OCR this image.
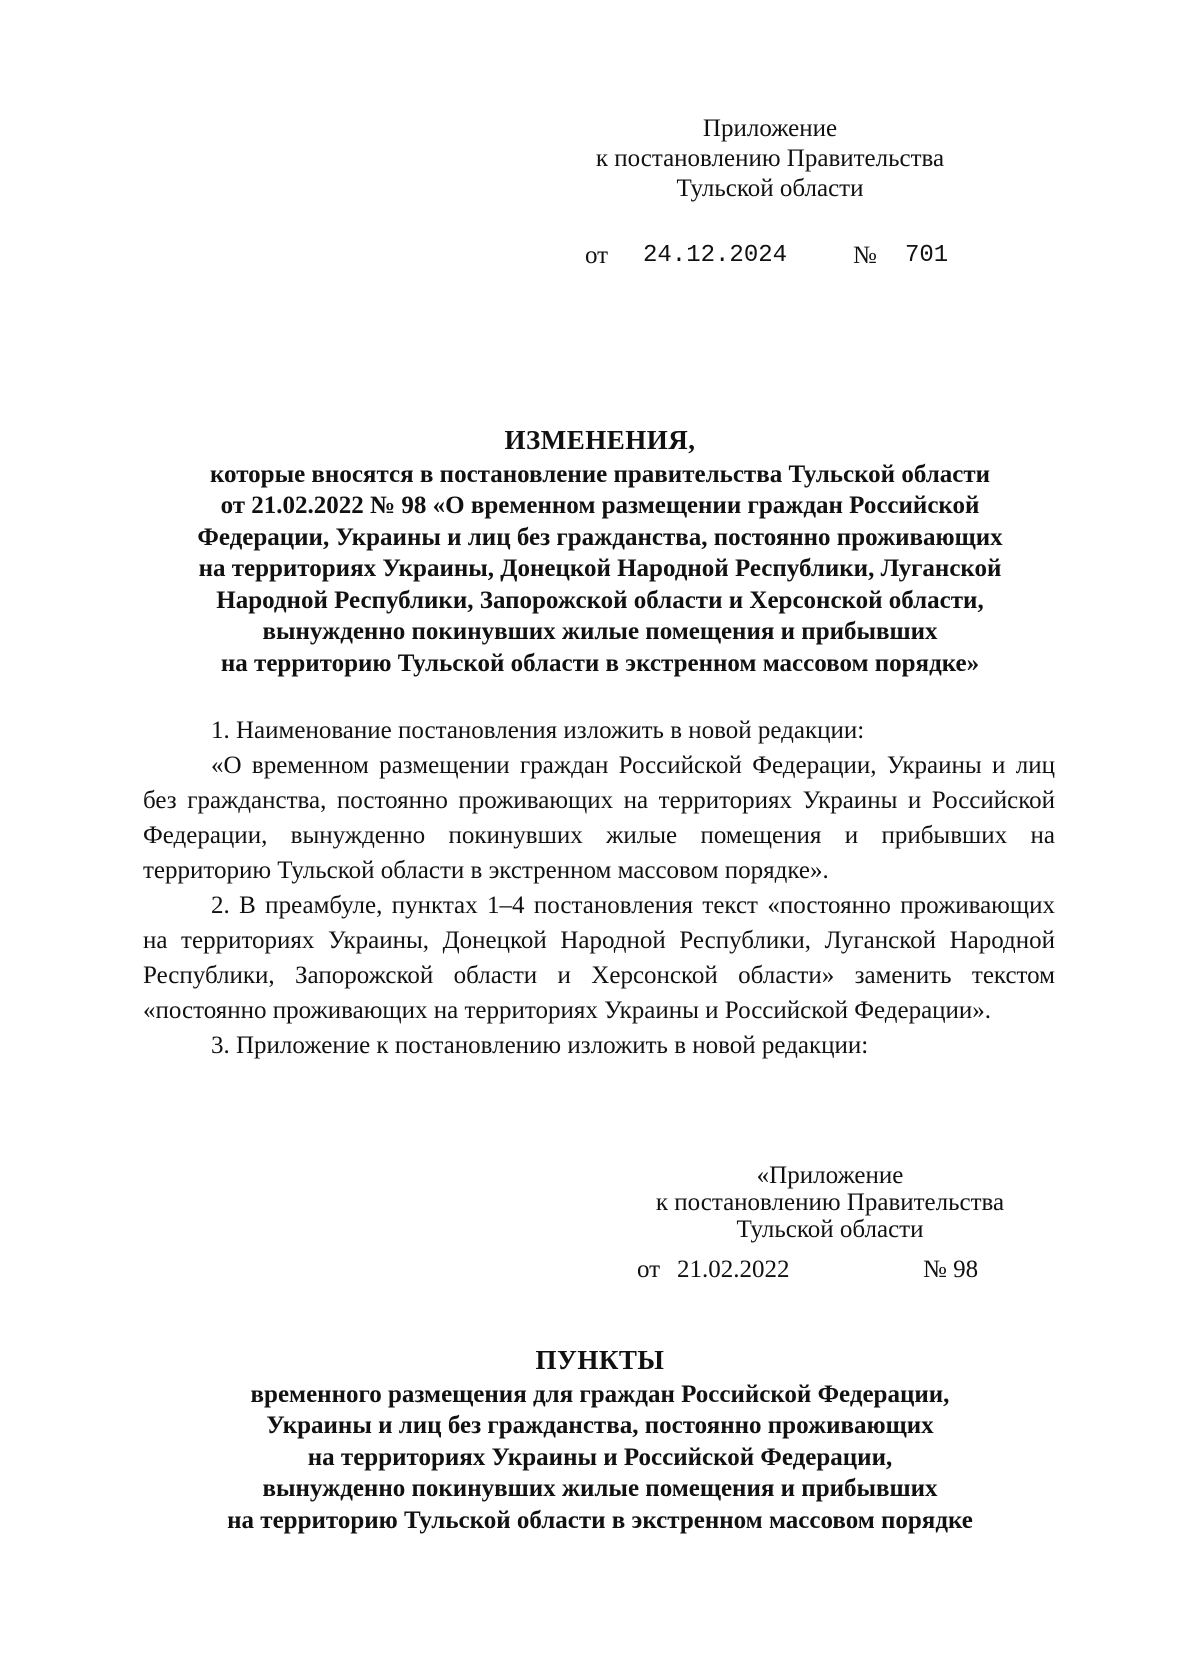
Приложение
к постановлению Правительства
Тульской области
от 24.12.2024	№ 701
ИЗМЕНЕНИЯ,
которые вносятся в постановление правительства Тульской области
от 21.02.2022 № 98 «О временном размещении граждан Российской
Федерации, Украины и лиц без гражданства, постоянно проживающих
на территориях Украины, Донецкой Народной Республики, Луганской
Народной Республики, Запорожской области и Херсонской области,
вынужденно покинувших жилые помещения и прибывших
на территорию Тульской области в экстренном массовом порядке»

1. Наименование постановления изложить в новой редакции:

«О временном размещении граждан Российской Федерации, Украины и лиц без гражданства, постоянно проживающих на территориях Украины и Российской Федерации, вынужденно покинувших жилые помещения и прибывших на территорию Тульской области в экстренном массовом порядке».

2. В преамбуле, пунктах 1–4 постановления текст «постоянно проживающих на территориях Украины, Донецкой Народной Республики, Луганской Народной Республики, Запорожской области и Херсонской области» заменить текстом «постоянно проживающих на территориях Украины и Российской Федерации».

3. Приложение к постановлению изложить в новой редакции:

«Приложение
к постановлению Правительства
Тульской области
от 21.02.2022	№ 98
ПУНКТЫ
временного размещения для граждан Российской Федерации,
Украины и лиц без гражданства, постоянно проживающих
на территориях Украины и Российской Федерации,
вынужденно покинувших жилые помещения и прибывших
на территорию Тульской области в экстренном массовом порядке
